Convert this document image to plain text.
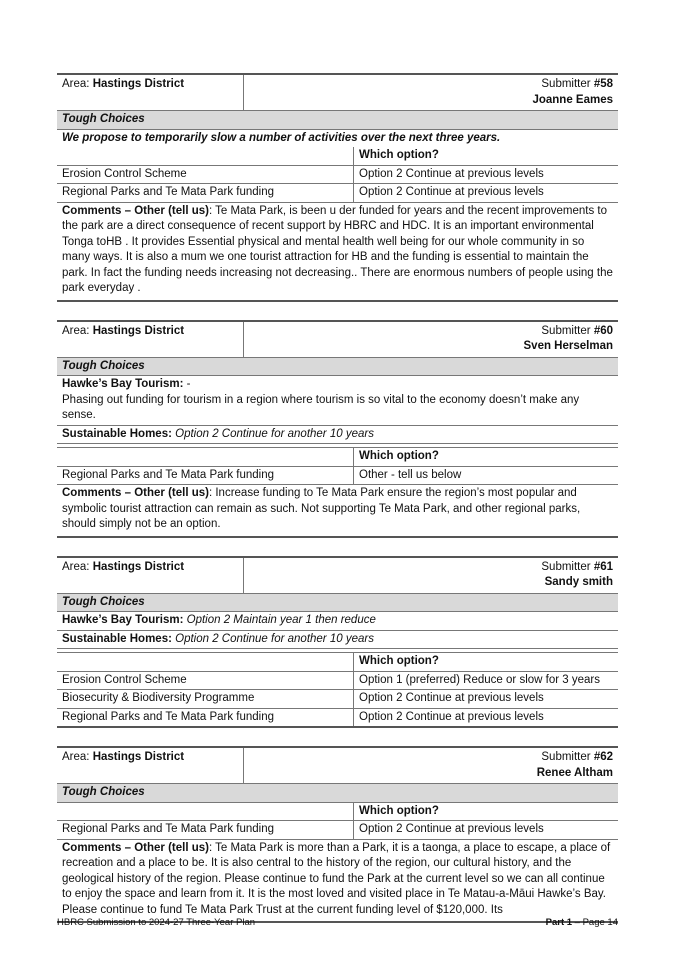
Area: Hastings District	Submitter #58
Joanne Eames
Tough Choices
We propose to temporarily slow a number of activities over the next three years.
Which option?
Erosion Control Scheme	Option 2 Continue at previous levels
Regional Parks and Te Mata Park funding	Option 2 Continue at previous levels
Comments – Other (tell us): Te Mata Park, is been u der funded for years and the recent improvements to the park are a direct consequence of recent support by HBRC and HDC. It is an important environmental Tonga toHB . It provides Essential physical and mental health well being for our whole community in so many ways. It is also a mum we one tourist attraction for HB and the funding is essential to maintain the park. In fact the funding needs increasing not decreasing.. There are enormous numbers of people using the park everyday .
Area: Hastings District	Submitter #60
Sven Herselman
Tough Choices
Hawke’s Bay Tourism: -
Phasing out funding for tourism in a region where tourism is so vital to the economy doesn’t make any sense.
Sustainable Homes: Option 2 Continue for another 10 years
Which option?
Regional Parks and Te Mata Park funding	Other - tell us below
Comments – Other (tell us): Increase funding to Te Mata Park ensure the region’s most popular and symbolic tourist attraction can remain as such. Not supporting Te Mata Park, and other regional parks, should simply not be an option.
Area: Hastings District	Submitter #61
Sandy smith
Tough Choices
Hawke’s Bay Tourism: Option 2 Maintain year 1 then reduce
Sustainable Homes: Option 2 Continue for another 10 years
Which option?
Erosion Control Scheme	Option 1 (preferred) Reduce or slow for 3 years
Biosecurity & Biodiversity Programme	Option 2 Continue at previous levels
Regional Parks and Te Mata Park funding	Option 2 Continue at previous levels
Area: Hastings District	Submitter #62
Renee Altham
Tough Choices
Which option?
Regional Parks and Te Mata Park funding	Option 2 Continue at previous levels
Comments – Other (tell us): Te Mata Park is more than a Park, it is a taonga, a place to escape, a place of recreation and a place to be. It is also central to the history of the region, our cultural history, and the geological history of the region. Please continue to fund the Park at the current level so we can all continue to enjoy the space and learn from it. It is the most loved and visited place in Te Matau-a-Māui Hawke’s Bay. Please continue to fund Te Mata Park Trust at the current funding level of $120,000. Its
HBRC Submission to 2024-27 Three-Year Plan	Part 1 – Page 14
